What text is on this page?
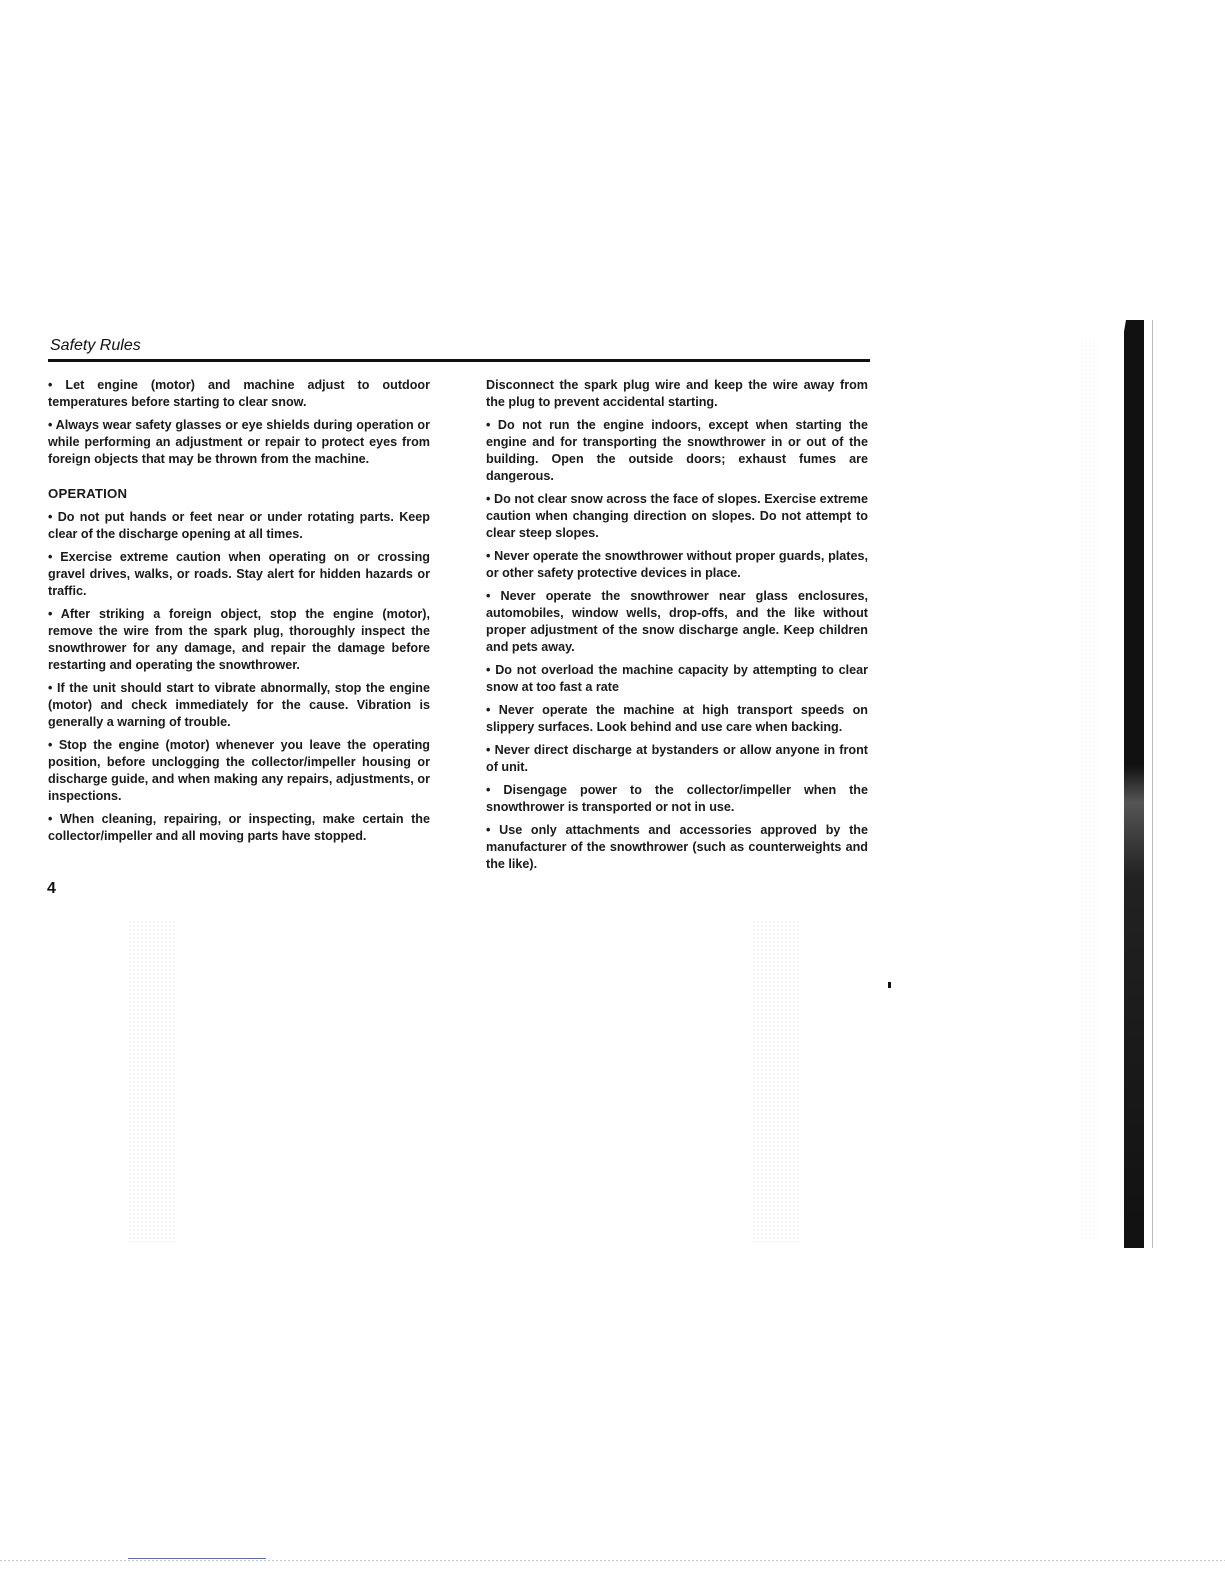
Safety Rules

• Let engine (motor) and machine adjust to outdoor temperatures before starting to clear snow.

• Always wear safety glasses or eye shields during operation or while performing an adjustment or repair to protect eyes from foreign objects that may be thrown from the machine.

OPERATION

• Do not put hands or feet near or under rotating parts. Keep clear of the discharge opening at all times.

• Exercise extreme caution when operating on or crossing gravel drives, walks, or roads. Stay alert for hidden hazards or traffic.

• After striking a foreign object, stop the engine (motor), remove the wire from the spark plug, thoroughly inspect the snowthrower for any damage, and repair the damage before restarting and operating the snowthrower.

• If the unit should start to vibrate abnormally, stop the engine (motor) and check immediately for the cause. Vibration is generally a warning of trouble.

• Stop the engine (motor) whenever you leave the operating position, before unclogging the collector/impeller housing or discharge guide, and when making any repairs, adjustments, or inspections.

• When cleaning, repairing, or inspecting, make certain the collector/impeller and all moving parts have stopped.

Disconnect the spark plug wire and keep the wire away from the plug to prevent accidental starting.

• Do not run the engine indoors, except when starting the engine and for transporting the snowthrower in or out of the building. Open the outside doors; exhaust fumes are dangerous.

• Do not clear snow across the face of slopes. Exercise extreme caution when changing direction on slopes. Do not attempt to clear steep slopes.

• Never operate the snowthrower without proper guards, plates, or other safety protective devices in place.

• Never operate the snowthrower near glass enclosures, automobiles, window wells, drop-offs, and the like without proper adjustment of the snow discharge angle. Keep children and pets away.

• Do not overload the machine capacity by attempting to clear snow at too fast a rate

• Never operate the machine at high transport speeds on slippery surfaces. Look behind and use care when backing.

• Never direct discharge at bystanders or allow anyone in front of unit.

• Disengage power to the collector/impeller when the snowthrower is transported or not in use.

• Use only attachments and accessories approved by the manufacturer of the snowthrower (such as counterweights and the like).

4
